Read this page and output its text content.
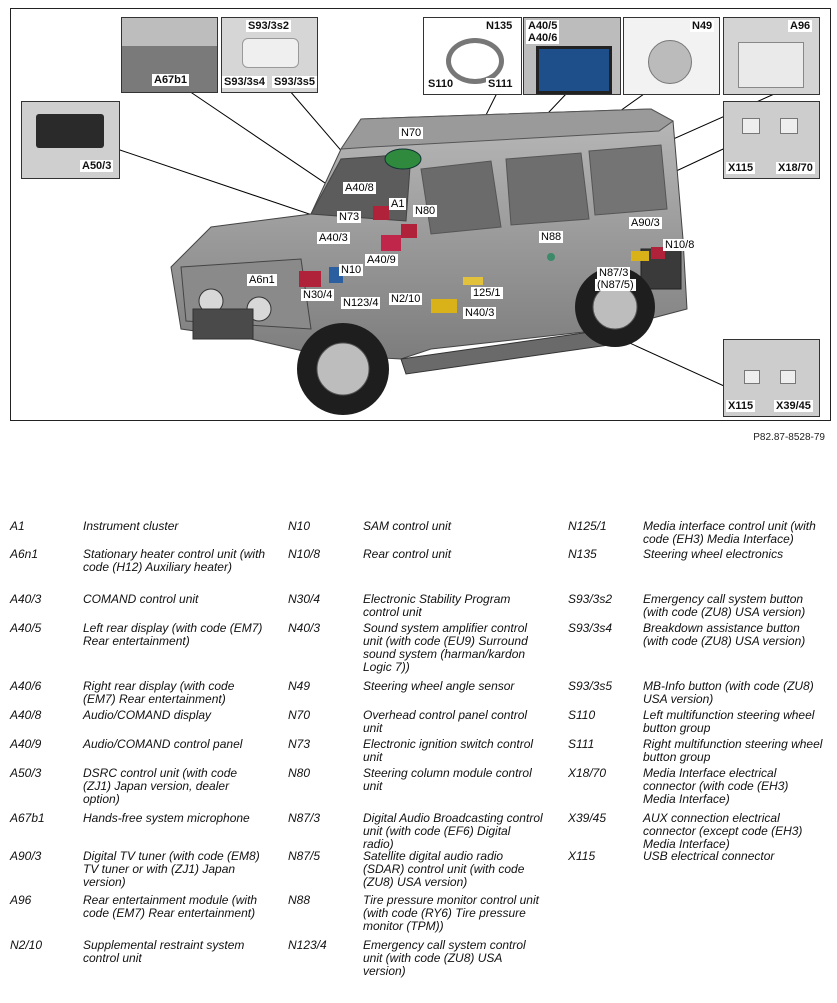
A50/3
A67b1
S93/3s2
S93/3s4 S93/3s5
N135
S110	S111
A40/5
A40/6
N49	A96
X115 X18/70
X115 X39/45
N70
A40/8
A1
N80
N73
A40/3
A40/9
N10
A6n1
N30/4
N123/4 N2/10	125/1
N40/3
N88
A90/3
N10/8
N87/3
(N87/5)
P82.87-8528-79
A1	Instrument cluster
A6n1	Stationary heater control unit (with code (H12) Auxiliary heater)
A40/3	COMAND control unit
A40/5	Left rear display (with code (EM7) Rear entertainment)
A40/6	Right rear display (with code (EM7) Rear entertainment)
A40/8	Audio/COMAND display
A40/9	Audio/COMAND control panel
A50/3	DSRC control unit (with code (ZJ1) Japan version, dealer option)
A67b1	Hands-free system microphone
A90/3	Digital TV tuner (with code (EM8) TV tuner or with (ZJ1) Japan version)
A96	Rear entertainment module (with code (EM7) Rear entertainment)
N2/10	Supplemental restraint system control unit
N10	SAM control unit
N10/8	Rear control unit
N30/4	Electronic Stability Program control unit
N40/3	Sound system amplifier control unit (with code (EU9) Surround sound system (harman/kardon Logic 7))
N49	Steering wheel angle sensor
N70	Overhead control panel control unit
N73	Electronic ignition switch control unit
N80	Steering column module control unit
N87/3	Digital Audio Broadcasting control unit (with code (EF6) Digital radio)
N87/5	Satellite digital audio radio (SDAR) control unit (with code (ZU8) USA version)
N88	Tire pressure monitor control unit (with code (RY6) Tire pressure monitor (TPM))
N123/4	Emergency call system control unit (with code (ZU8) USA version)
N125/1	Media interface control unit (with code (EH3) Media Interface)
N135	Steering wheel electronics
S93/3s2	Emergency call system button (with code (ZU8) USA version)
S93/3s4	Breakdown assistance button (with code (ZU8) USA version)
S93/3s5	MB-Info button (with code (ZU8) USA version)
S110	Left multifunction steering wheel button group
S111	Right multifunction steering wheel button group
X18/70	Media Interface electrical connector (with code (EH3) Media Interface)
X39/45	AUX connection electrical connector (except code (EH3) Media Interface)
X115	USB electrical connector
